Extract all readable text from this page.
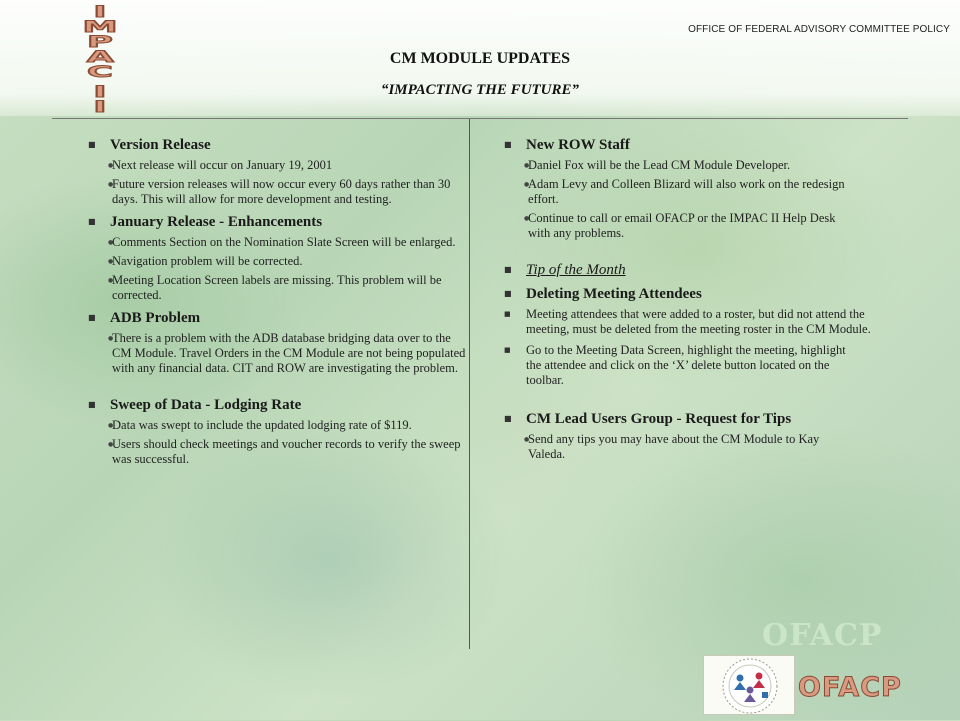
I
M
P
A
C
I
I
OFFICE OF FEDERAL ADVISORY COMMITTEE POLICY
CM MODULE UPDATES
“IMPACTING THE FUTURE”
■ Version Release
●
Next release will occur on January 19, 2001
●
Future version releases will now occur every 60 days rather than 30 days. This will allow for more development and testing.
■ January Release - Enhancements
●
Comments Section on the Nomination Slate Screen will be enlarged.
●
Navigation problem will be corrected.
●
Meeting Location Screen labels are missing. This problem will be corrected.
■ ADB Problem
●
There is a problem with the ADB database bridging data over to the CM Module. Travel Orders in the CM Module are not being populated with any financial data. CIT and ROW are investigating the problem.
■ Sweep of Data - Lodging Rate
●
Data was swept to include the updated lodging rate of $119.
●
Users should check meetings and voucher records to verify the sweep was successful.
■ New ROW Staff
●
Daniel Fox will be the Lead CM Module Developer.
●
Adam Levy and Colleen Blizard will also work on the redesign effort.
●
Continue to call or email OFACP or the IMPAC II Help Desk with any problems.
■ Tip of the Month
■ Deleting Meeting Attendees
■	Meeting attendees that were added to a roster, but did not attend the meeting, must be deleted from the meeting roster in the CM Module.
■	Go to the Meeting Data Screen, highlight the meeting, highlight the attendee and click on the ‘X’ delete button located on the toolbar.
■ CM Lead Users Group - Request for Tips
●
Send any tips you may have about the CM Module to Kay Valeda.
OFACP
OFACP
